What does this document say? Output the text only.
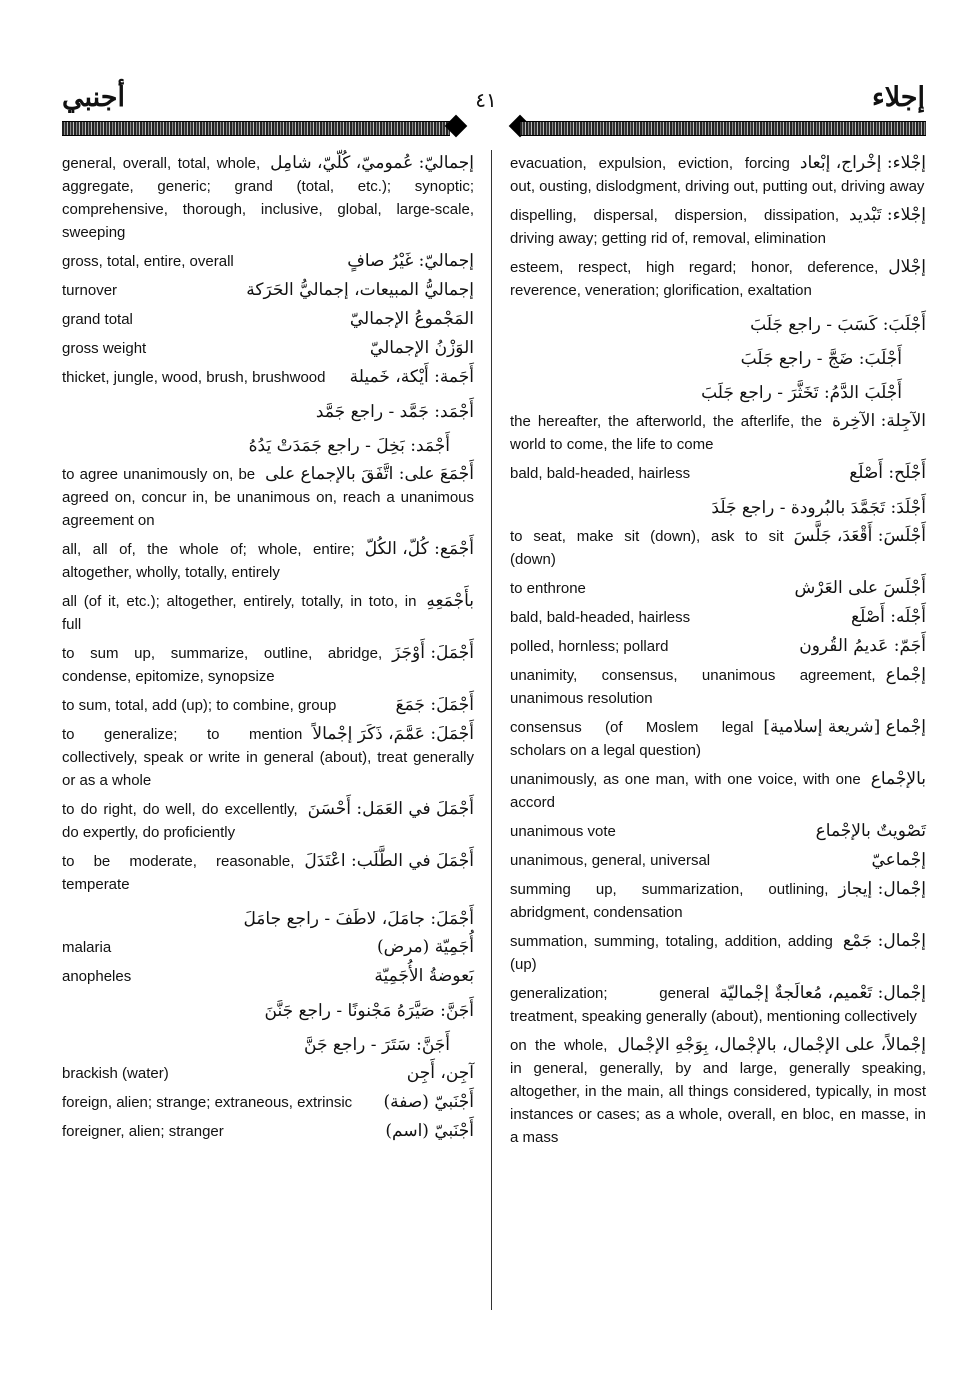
أجنبي	٤١	إجلاء
إجماليّ: عُموميّ، كُلّيّ، شامِل
general, overall, total, whole, aggregate, generic; grand (total, etc.); synoptic; comprehensive, thorough, inclusive, global, large-scale, sweeping
إجماليّ: غَيْرُ صافٍ
gross, total, entire, overall
إجماليُّ المبيعات، إجماليُّ الحَرَكة
turnover
المَجْموعُ الإجماليّ
grand total
الوَزْنُ الإجماليّ
gross weight
أَجَمة: أَيْكة، خَميلة
thicket, jungle, wood, brush, brushwood
أَجْمَد: جَمَّد - راجع جَمَّد
أَجْمَد: بَخِلَ - راجع جَمَدَتْ يَدُهُ
أَجْمَعَ على: اتَّفَقَ بالإجماع على
to agree unanimously on, be agreed on, concur in, be unanimous on, reach a unanimous agreement on
أَجْمَع: كُلّ، الكُلّ
all, all of, the whole of; whole, entire; altogether, wholly, totally, entirely
بأَجْمَعِهِ
all (of it, etc.); altogether, entirely, totally, in toto, in full
أَجْمَلَ: أَوْجَزَ
to sum up, summarize, outline, abridge, condense, epitomize, synopsize
أَجْمَلَ: جَمَعَ
to sum, total, add (up); to combine, group
أَجْمَلَ: عَمَّمَ، ذَكَرَ إجْمالاً
to generalize; to mention collectively, speak or write in general (about), treat generally or as a whole
أَجْمَلَ في العَمَل: أَحْسَنَ
to do right, do well, do excellently, do expertly, do proficiently
أَجْمَلَ في الطَّلَب: اعْتَدَلَ
to be moderate, reasonable, temperate
أَجْمَلَ: جامَلَ، لاطَفَ - راجع جامَلَ
أُجَمِيّة (مرض)
malaria
بَعوضةُ الأُجَمِيّة
anopheles
أَجَنَّ: صَيَّرَهُ مَجْنونًا - راجع جَنَّنَ
أَجَنَّ: سَتَرَ - راجع جَنَّ
آجِن، أَجِن
brackish (water)
أَجْنَبيّ (صفة)
foreign, alien; strange; extraneous, extrinsic
أَجْنَبيّ (اسم)
foreigner, alien; stranger
إجْلاء: إخْراج، إبْعاد
evacuation, expulsion, eviction, forcing out, ousting, dislodgment, driving out, putting out, driving away
إجْلاء: تَبْديد
dispelling, dispersal, dispersion, dissipation, driving away; getting rid of, removal, elimination
إجْلال
esteem, respect, high regard; honor, deference, reverence, veneration; glorification, exaltation
أَجْلَبَ: كَسَبَ - راجع جَلَبَ
أَجْلَبَ: ضَجَّ - راجع جَلَبَ
أَجْلَبَ الدَّمُ: تَخَثَّرَ - راجع جَلَبَ
الآجِلة: الآخِرة
the hereafter, the afterworld, the afterlife, the world to come, the life to come
أَجْلَح: أَصْلَع
bald, bald-headed, hairless
أَجْلَدَ: تَجَمَّدَ بالبُرودة - راجع جَلَدَ
أَجْلَسَ: أَقْعَدَ، جَلَّسَ
to seat, make sit (down), ask to sit (down)
أَجْلَسَ على العَرْش
to enthrone
أَجْلَه: أَصْلَع
bald, bald-headed, hairless
أَجَمّ: عَديمُ القُرون
polled, hornless; pollard
إجْماع
unanimity, consensus, unanimous agreement, unanimous resolution
إجْماع [شريعة إسلامية]
consensus (of Moslem legal scholars on a legal question)
بالإجْماع
unanimously, as one man, with one voice, with one accord
تَصْويتٌ بالإجْماع
unanimous vote
إجْماعيّ
unanimous, general, universal
إجْمال: إيجاز
summing up, summarization, outlining, abridgment, condensation
إجْمال: جَمْع
summation, summing, totaling, addition, adding (up)
إجْمال: تَعْميم، مُعالَجةٌ إجْماليّة
generalization; general treatment, speaking generally (about), mentioning collectively
إجْمالاً، على الإجْمال، بالإجْمال، بِوَجْهِ الإجْمال
on the whole, in general, generally, by and large, generally speaking, altogether, in the main, all things considered, typically, in most instances or cases; as a whole, overall, en bloc, en masse, in a mass
